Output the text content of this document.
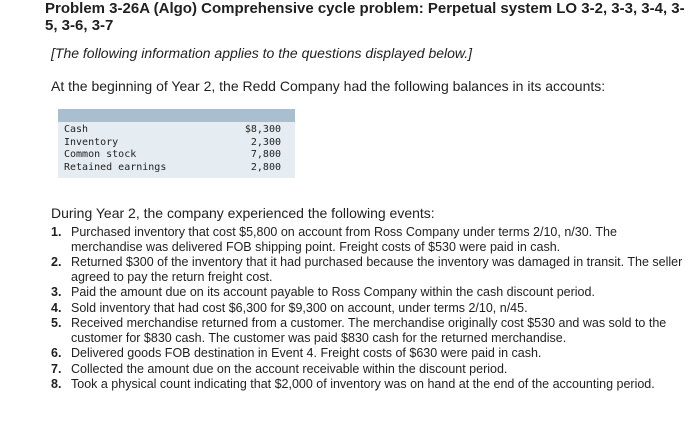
Problem 3-26A (Algo) Comprehensive cycle problem: Perpetual system LO 3-2, 3-3, 3-4, 3-5, 3-6, 3-7
[The following information applies to the questions displayed below.]
At the beginning of Year 2, the Redd Company had the following balances in its accounts:
Cash	$8,300
Inventory	2,300
Common stock	7,800
Retained earnings	2,800
During Year 2, the company experienced the following events:
1. Purchased inventory that cost $5,800 on account from Ross Company under terms 2/10, n/30. The merchandise was delivered FOB shipping point. Freight costs of $530 were paid in cash.
2. Returned $300 of the inventory that it had purchased because the inventory was damaged in transit. The seller agreed to pay the return freight cost.
3. Paid the amount due on its account payable to Ross Company within the cash discount period.
4. Sold inventory that had cost $6,300 for $9,300 on account, under terms 2/10, n/45.
5. Received merchandise returned from a customer. The merchandise originally cost $530 and was sold to the customer for $830 cash. The customer was paid $830 cash for the returned merchandise.
6. Delivered goods FOB destination in Event 4. Freight costs of $630 were paid in cash.
7. Collected the amount due on the account receivable within the discount period.
8. Took a physical count indicating that $2,000 of inventory was on hand at the end of the accounting period.
